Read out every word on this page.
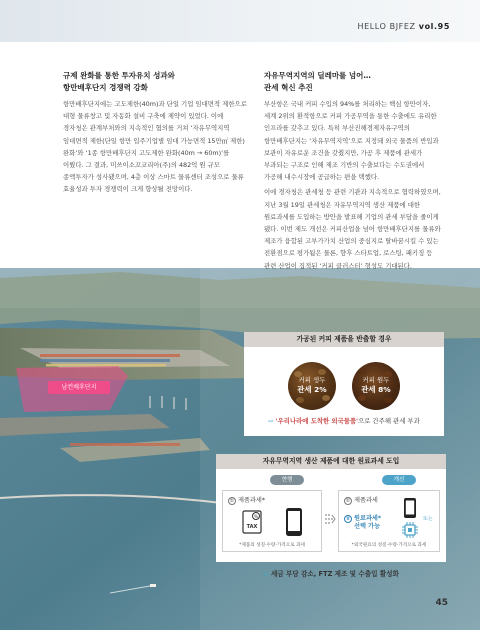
HELLO BJFEZ vol.95
남컨배후단지
규제 완화를 통한 투자유치 성과와
항만배후단지 경쟁력 강화
항만배후단지에는 고도제한(40m)과 단일 기업 임대면적 제한으로 대형 물류창고 및 자동화 설비 구축에 제약이 있었다. 이에 경자청은 관계부처와의 지속적인 협의를 거쳐 ‘자유무역지역 임대면적 제한(단일 항만 입주기업별 임대 가능면적 15만㎡ 제한) 완화’와 ‘1종 항만배후단지 고도제한 완화(40m → 60m)’를 이뤘다. 그 결과, 미쓰이소꼬코리아(주)의 482억 원 규모 종액투자가 성사됐으며, 4층 이상 스마트 물류센터 조성으로 물류 효율성과 투자 경쟁력이 크게 향상될 전망이다.
자유무역지역의 딜레마를 넘어…
관세 혁신 추진
부산항은 국내 커피 수입의 94%를 처리하는 핵심 항만이자, 세계 2위의 환적항으로 커피 가공무역을 통한 수출에도 유리한 인프라를 갖추고 있다. 특히 부산진해경제자유구역의 항만배후단지는 ‘자유무역지역’으로 지정돼 외국 물품의 반입과 보관이 자유로운 조건을 갖췄지만, 가공 후 제품에 관세가 부과되는 구조로 인해 제조 기반의 수출보다는 수도권에서 가공해 내수시장에 공급하는 편을 택했다.
이에 경자청은 관세청 등 관련 기관과 지속적으로 협력하였으며, 지난 3월 19일 관세청은 자유무역지역 생산 제품에 대한 원료과세를 도입하는 방안을 발표해 기업의 관세 부담을 줄이게 됐다. 이번 제도 개선은 커피산업을 넘어 항만배후단지를 물류와 제조가 융합된 고부가가치 산업의 중심지로 탈바꿈시킬 수 있는 전환점으로 평가됨은 물론, 향후 스타트업, 로스팅, 패키징 등 관련 산업이 집적된 ‘커피 클러스터’ 형성도 기대된다.
가공된 커피 제품을 반출할 경우
커피 생두
관세 2%
커피 원두
관세 8%
⇨ '우리나라에 도착한 외국물품'으로 간주해 관세 부과
자유무역지역 생산 제품에 대한 원료과세 도입
현행	개선
① 제품과세*
%
TAX
*제품의 성질·수량·가격으로 과세
① 제품과세
② 원료과세*
선택 가능
또는
*외국원료의 성질·수량·가격으로 과세
⇨ 세금 부담 감소, FTZ 제조 및 수출입 활성화
45
